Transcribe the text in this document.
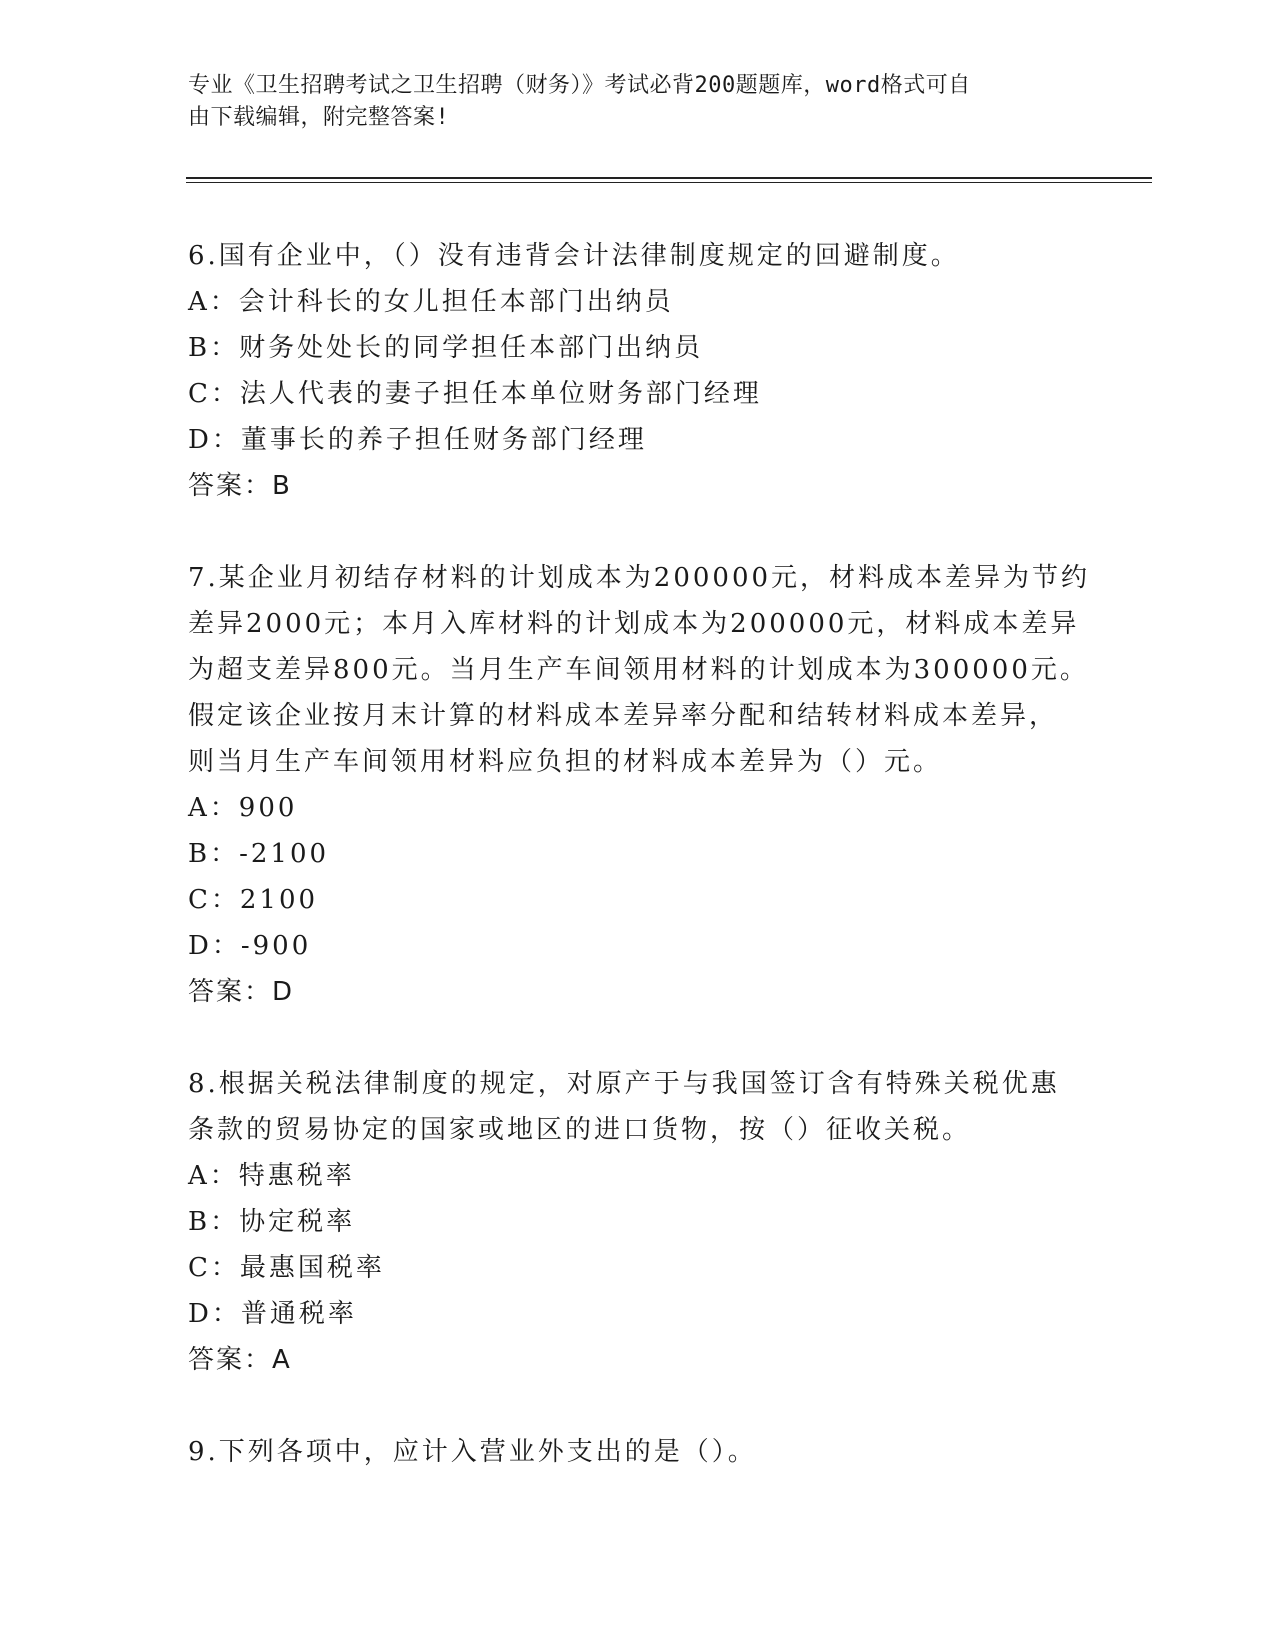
专业《卫生招聘考试之卫生招聘（财务）》考试必背200题题库，word格式可自
由下载编辑，附完整答案!
6.国有企业中，（）没有违背会计法律制度规定的回避制度。
A：会计科长的女儿担任本部门出纳员
B：财务处处长的同学担任本部门出纳员
C：法人代表的妻子担任本单位财务部门经理
D：董事长的养子担任财务部门经理
答案：B
7.某企业月初结存材料的计划成本为200000元，材料成本差异为节约
差异2000元；本月入库材料的计划成本为200000元，材料成本差异
为超支差异800元。当月生产车间领用材料的计划成本为300000元。
假定该企业按月末计算的材料成本差异率分配和结转材料成本差异，
则当月生产车间领用材料应负担的材料成本差异为（）元。
A：900
B：-2100
C：2100
D：-900
答案：D
8.根据关税法律制度的规定，对原产于与我国签订含有特殊关税优惠
条款的贸易协定的国家或地区的进口货物，按（）征收关税。
A：特惠税率
B：协定税率
C：最惠国税率
D：普通税率
答案：A
9.下列各项中，应计入营业外支出的是（）。
